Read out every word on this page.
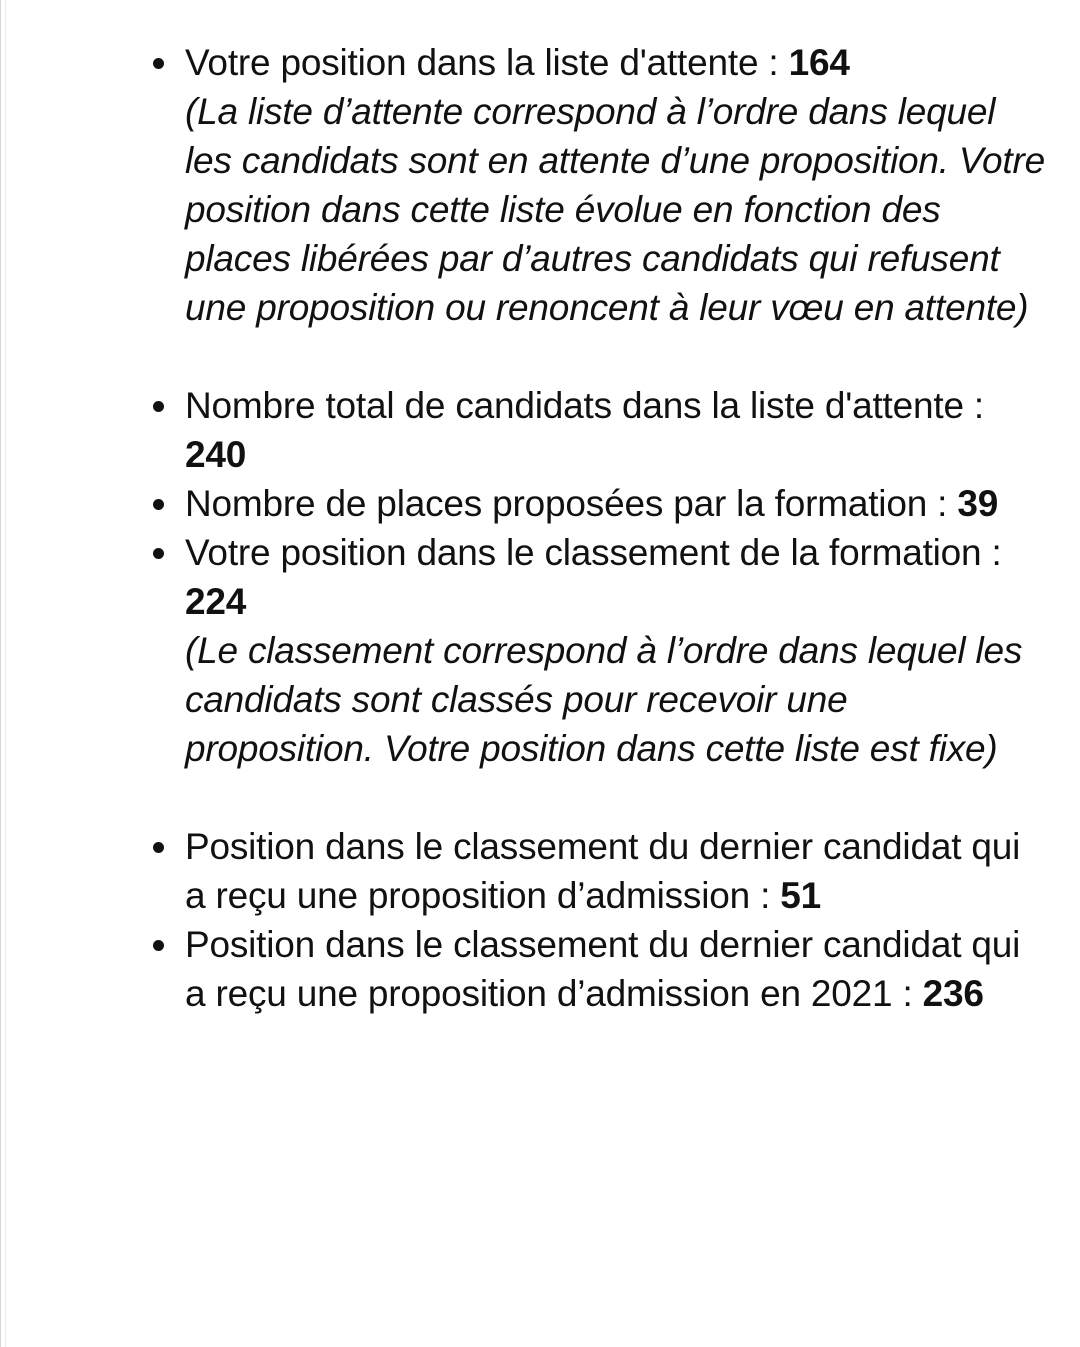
Votre position dans la liste d'attente : 164
(La liste d’attente correspond à l’ordre dans lequel les candidats sont en attente d’une proposition. Votre position dans cette liste évolue en fonction des places libérées par d’autres candidats qui refusent une proposition ou renoncent à leur vœu en attente)
Nombre total de candidats dans la liste d'attente : 240
Nombre de places proposées par la formation : 39
Votre position dans le classement de la formation : 224
(Le classement correspond à l’ordre dans lequel les candidats sont classés pour recevoir une proposition. Votre position dans cette liste est fixe)
Position dans le classement du dernier candidat qui a reçu une proposition d’admission : 51
Position dans le classement du dernier candidat qui a reçu une proposition d’admission en 2021 : 236
